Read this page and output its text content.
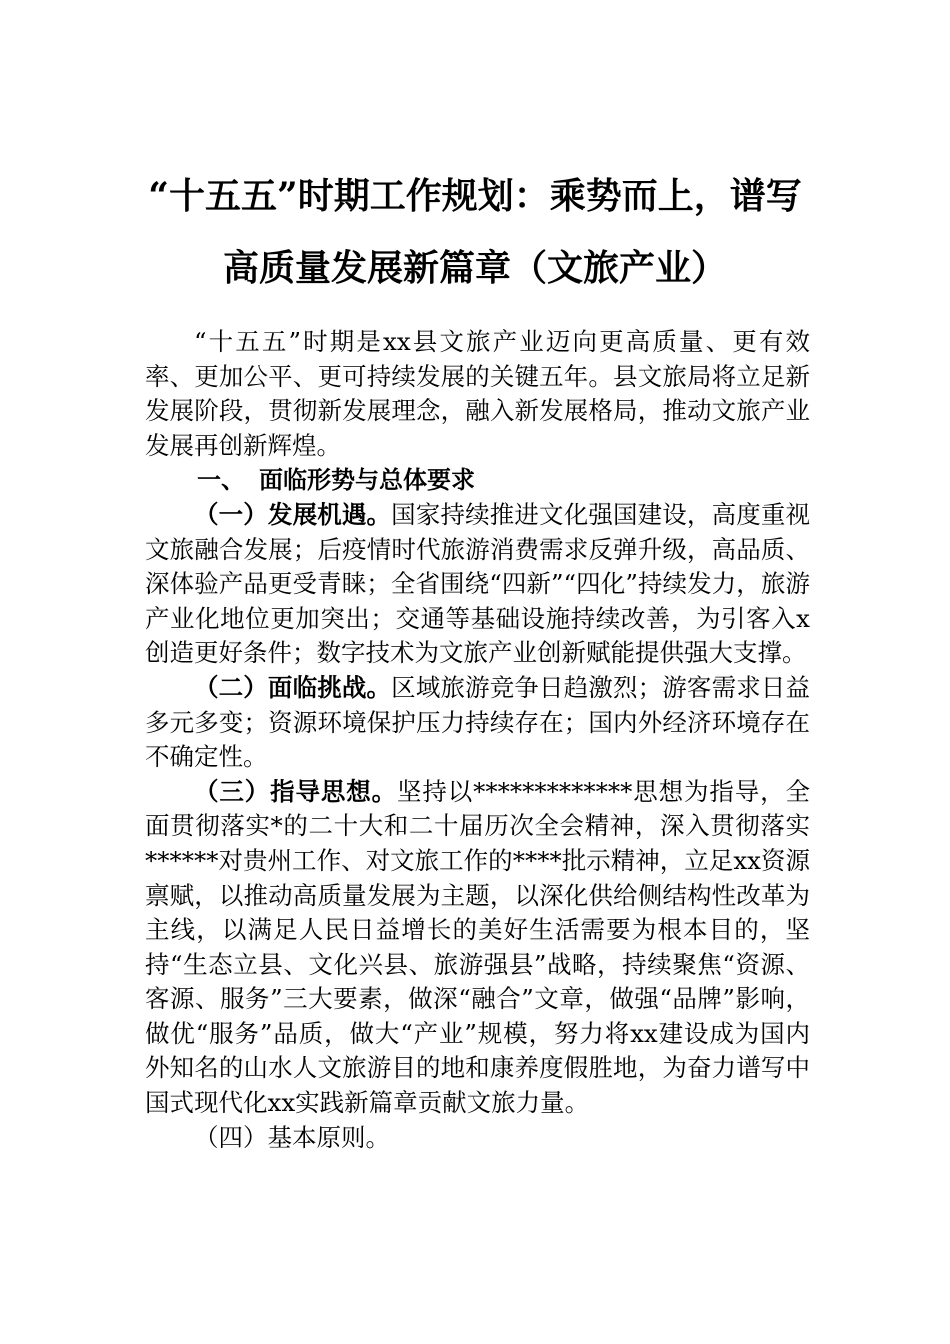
“十五五”时期工作规划：乘势而上，谱写
高质量发展新篇章（文旅产业）

“十五五”时期是xx县文旅产业迈向更高质量、更有效率、更加公平、更可持续发展的关键五年。县文旅局将立足新发展阶段，贯彻新发展理念，融入新发展格局，推动文旅产业发展再创新辉煌。

一、 面临形势与总体要求

（一）发展机遇。国家持续推进文化强国建设，高度重视文旅融合发展；后疫情时代旅游消费需求反弹升级，高品质、深体验产品更受青睐；全省围绕“四新”“四化”持续发力，旅游产业化地位更加突出；交通等基础设施持续改善，为引客入x创造更好条件；数字技术为文旅产业创新赋能提供强大支撑。

（二）面临挑战。区域旅游竞争日趋激烈；游客需求日益多元多变；资源环境保护压力持续存在；国内外经济环境存在不确定性。

（三）指导思想。坚持以*************思想为指导，全面贯彻落实*的二十大和二十届历次全会精神，深入贯彻落实******对贵州工作、对文旅工作的****批示精神，立足xx资源禀赋，以推动高质量发展为主题，以深化供给侧结构性改革为主线，以满足人民日益增长的美好生活需要为根本目的，坚持“生态立县、文化兴县、旅游强县”战略，持续聚焦“资源、客源、服务”三大要素，做深“融合”文章，做强“品牌”影响，做优“服务”品质，做大“产业”规模，努力将xx建设成为国内外知名的山水人文旅游目的地和康养度假胜地，为奋力谱写中国式现代化xx实践新篇章贡献文旅力量。

（四）基本原则。
